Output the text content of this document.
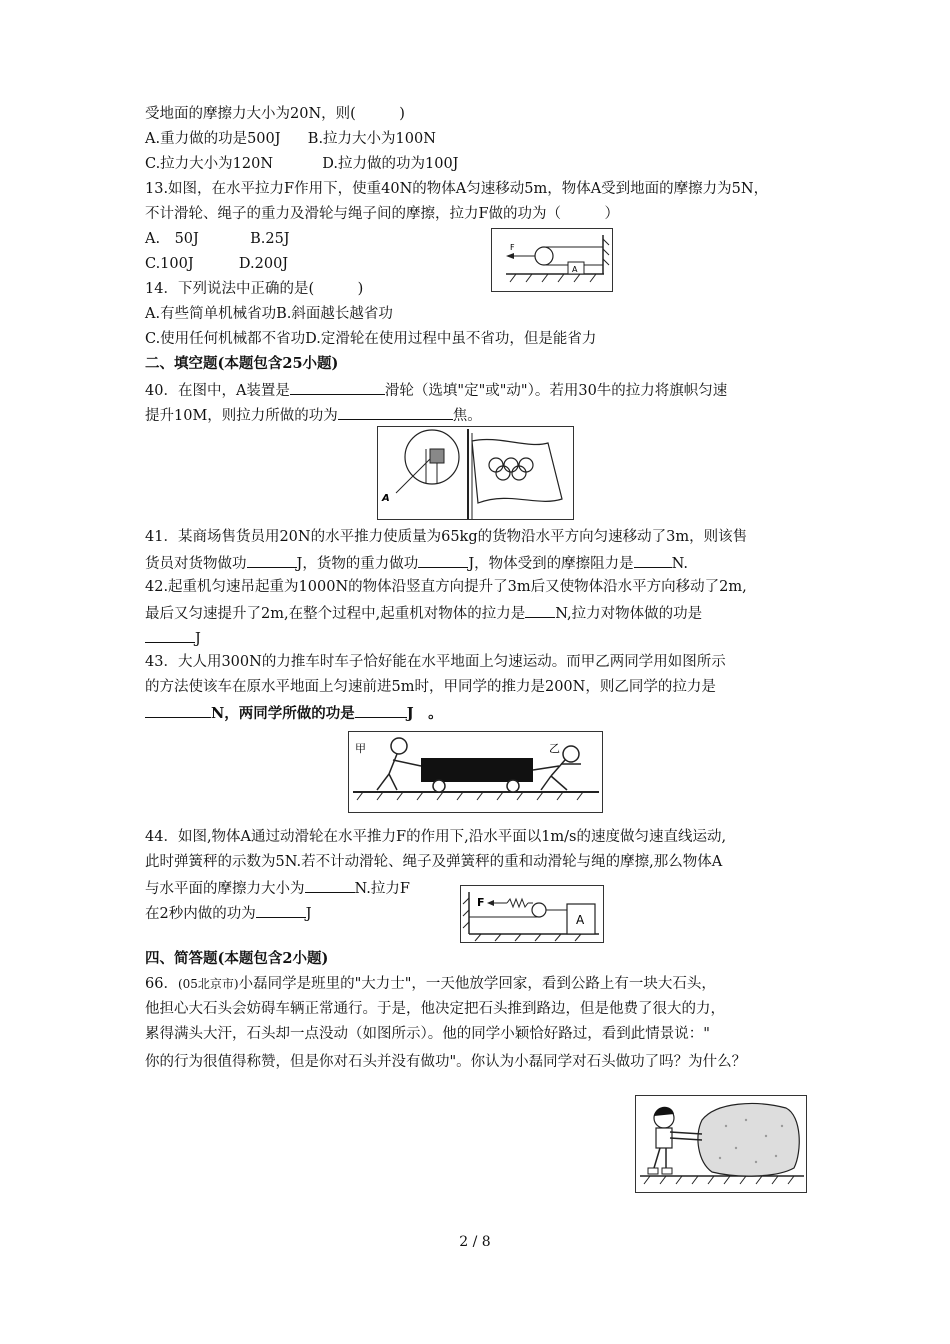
受地面的摩擦力大小为20N，则(　　　)
A.重力做的功是500J B.拉力大小为100N
C.拉力大小为120N	D.拉力做的功为100J
13.如图，在水平拉力F作用下，使重40N的物体A匀速移动5m，物体A受到地面的摩擦力为5N，
不计滑轮、绳子的重力及滑轮与绳子间的摩擦，拉力F做的功为（　　　）
A.　50J	B.25J
C.100J	D.200J
F
A
14．下列说法中正确的是(　　　)
A.有些简单机械省功B.斜面越长越省功
C.使用任何机械都不省功D.定滑轮在使用过程中虽不省功，但是能省力
二、填空题(本题包含25小题)
40．在图中，A装置是	滑轮（选填"定"或"动"）。若用30牛的拉力将旗帜匀速
提升10M，则拉力所做的功为	焦。
A
41．某商场售货员用20N的水平推力使质量为65kg的货物沿水平方向匀速移动了3m，则该售
货员对货物做功	J，货物的重力做功	J，物体受到的摩擦阻力是	N.
42.起重机匀速吊起重为1000N的物体沿竖直方向提升了3m后又使物体沿水平方向移动了2m,
最后又匀速提升了2m,在整个过程中,起重机对物体的拉力是 N,拉力对物体做的功是
J
43．大人用300N的力推车时车子恰好能在水平地面上匀速运动。而甲乙两同学用如图所示
的方法使该车在原水平地面上匀速前进5m时，甲同学的推力是200N，则乙同学的拉力是
N，两同学所做的功是	J　。
甲	乙
44．如图,物体A通过动滑轮在水平推力F的作用下,沿水平面以1m/s的速度做匀速直线运动,
此时弹簧秤的示数为5N.若不计动滑轮、绳子及弹簧秤的重和动滑轮与绳的摩擦,那么物体A
与水平面的摩擦力大小为	N.拉力F
在2秒内做的功为	J
F
A
四、简答题(本题包含2小题)
66．(05北京市)小磊同学是班里的"大力士"，一天他放学回家，看到公路上有一块大石头，
他担心大石头会妨碍车辆正常通行。于是，他决定把石头推到路边，但是他费了很大的力，
累得满头大汗，石头却一点没动（如图所示）。他的同学小颖恰好路过，看到此情景说："
你的行为很值得称赞，但是你对石头并没有做功"。你认为小磊同学对石头做功了吗？为什么？
2 / 8
